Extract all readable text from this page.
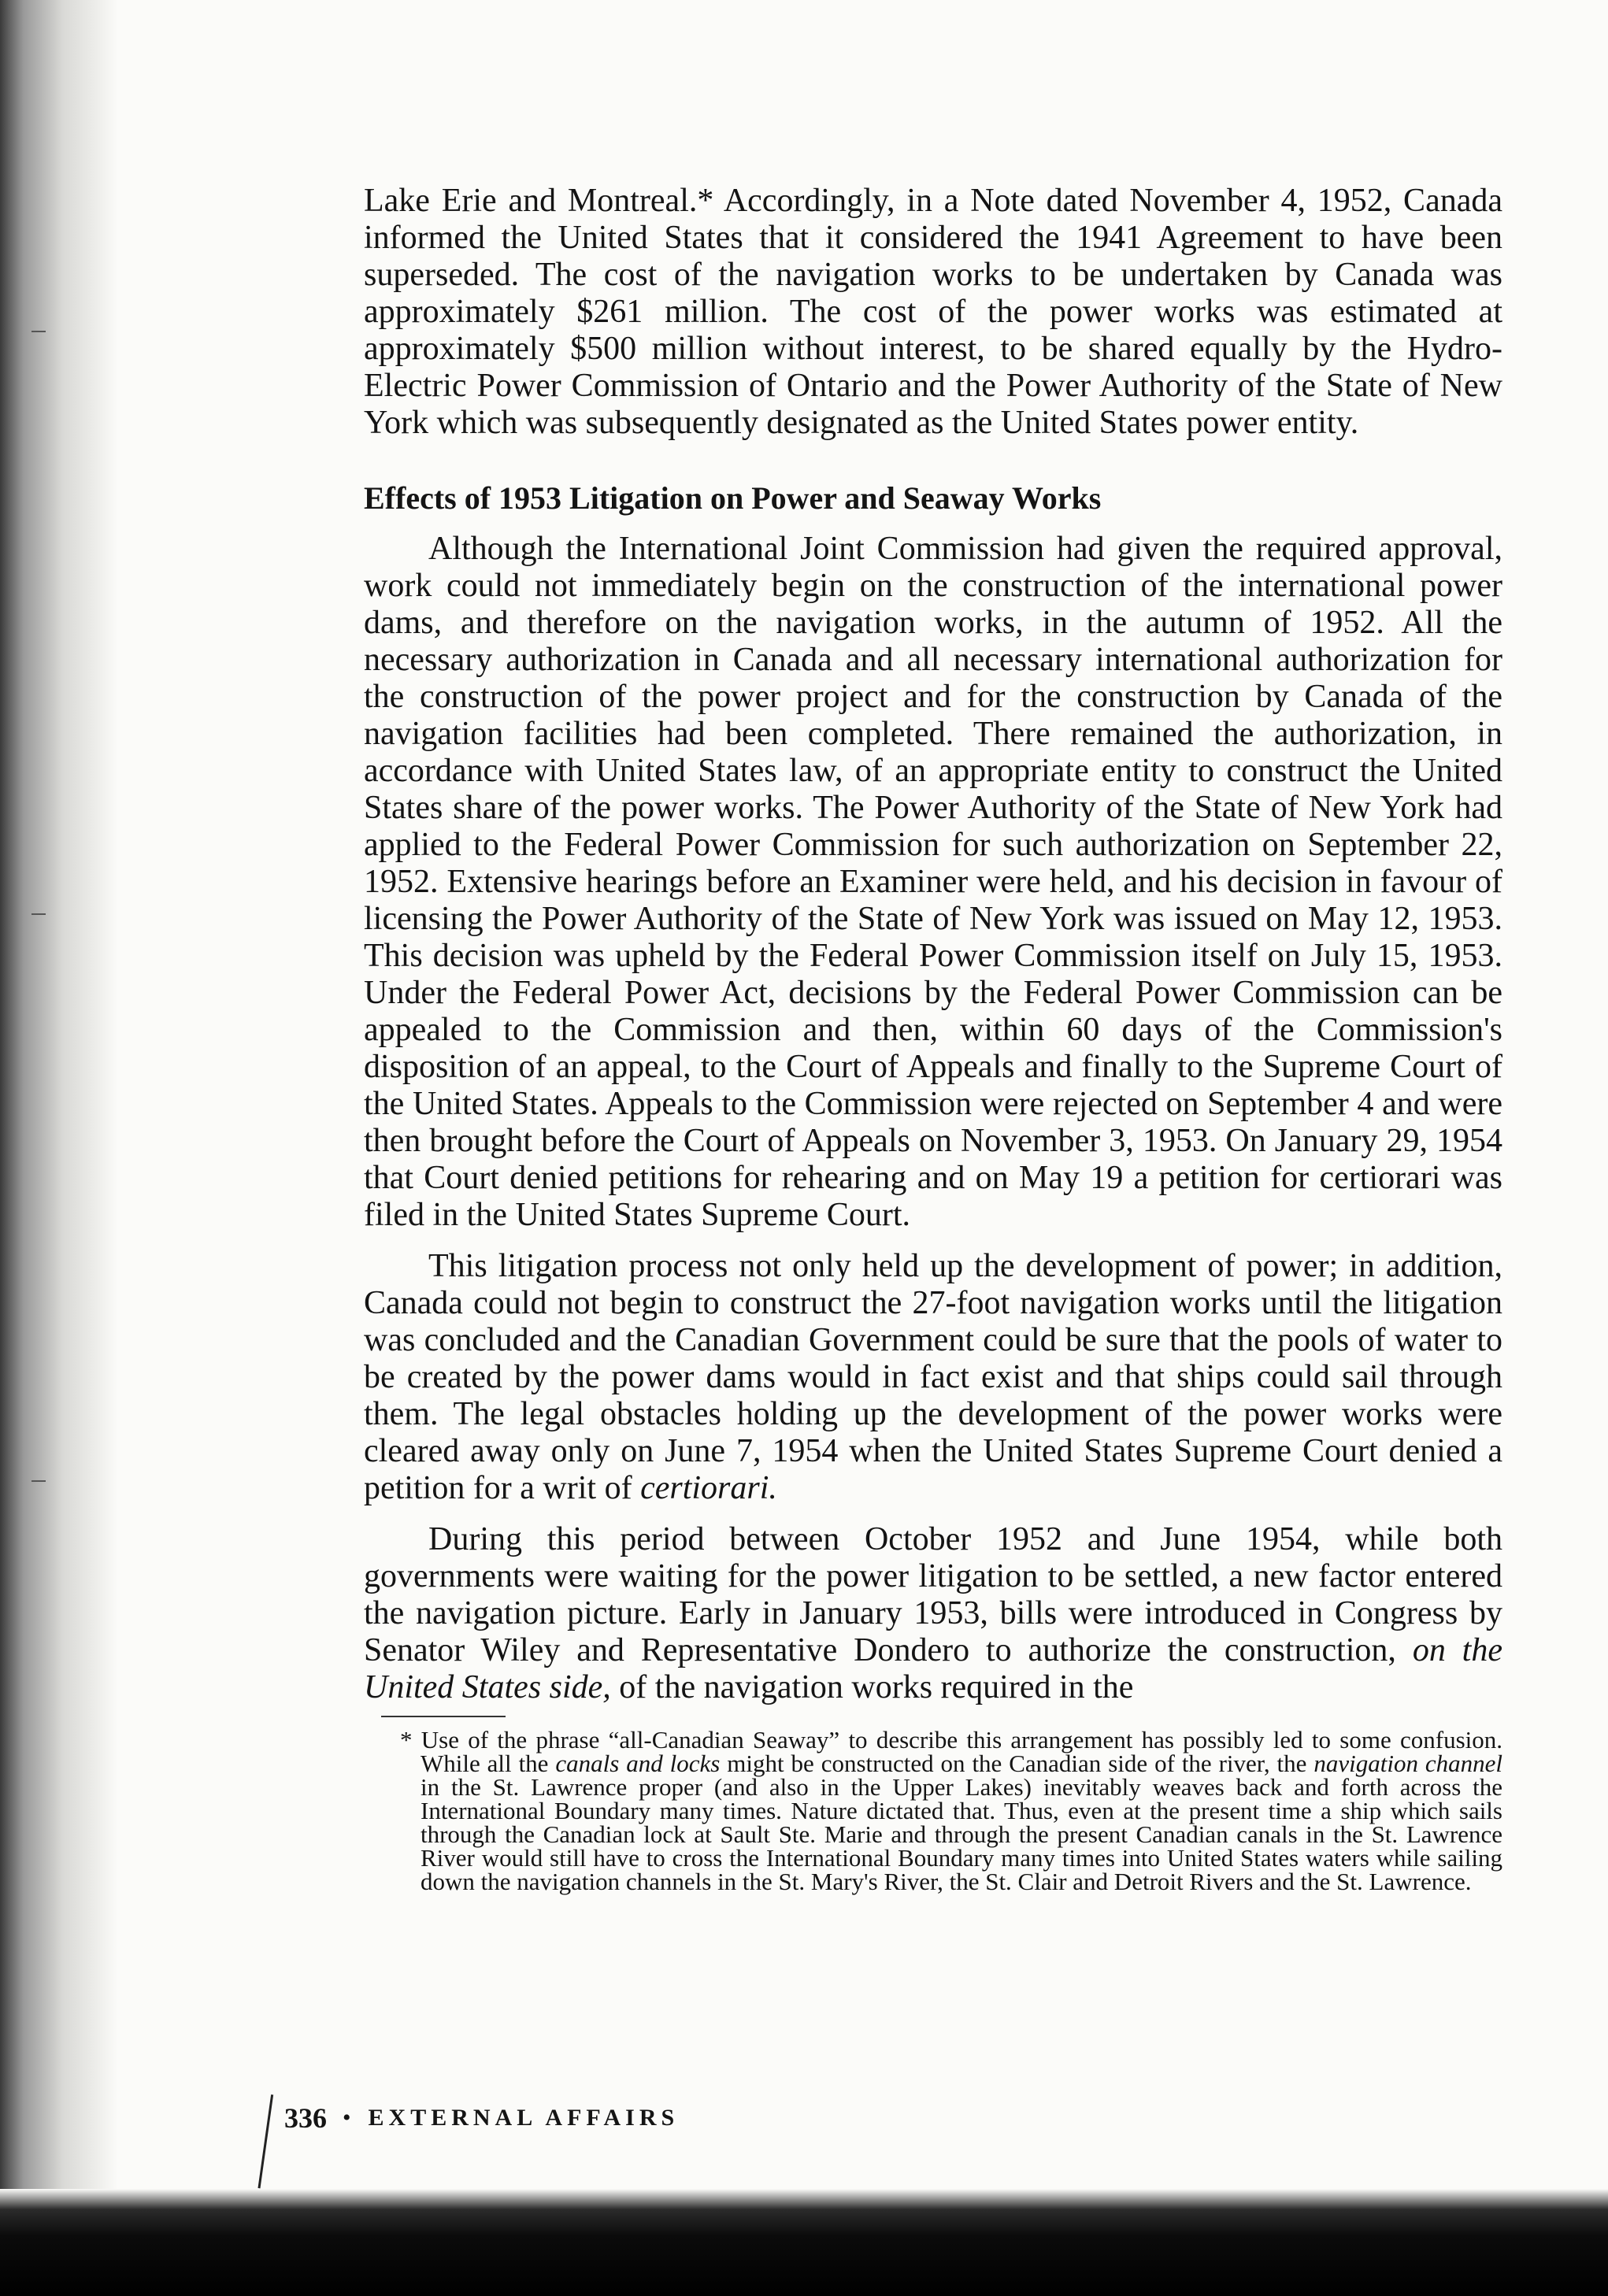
Lake Erie and Montreal.* Accordingly, in a Note dated November 4, 1952, Canada informed the United States that it considered the 1941 Agreement to have been superseded. The cost of the navigation works to be undertaken by Canada was approximately $261 million. The cost of the power works was estimated at approximately $500 million without interest, to be shared equally by the Hydro-Electric Power Commission of Ontario and the Power Authority of the State of New York which was subsequently designated as the United States power entity.

Effects of 1953 Litigation on Power and Seaway Works

Although the International Joint Commission had given the required approval, work could not immediately begin on the construction of the international power dams, and therefore on the navigation works, in the autumn of 1952. All the necessary authorization in Canada and all necessary international authorization for the construction of the power project and for the construction by Canada of the navigation facilities had been completed. There remained the authorization, in accordance with United States law, of an appropriate entity to construct the United States share of the power works. The Power Authority of the State of New York had applied to the Federal Power Commission for such authorization on September 22, 1952. Extensive hearings before an Examiner were held, and his decision in favour of licensing the Power Authority of the State of New York was issued on May 12, 1953. This decision was upheld by the Federal Power Commission itself on July 15, 1953. Under the Federal Power Act, decisions by the Federal Power Commission can be appealed to the Commission and then, within 60 days of the Commission's disposition of an appeal, to the Court of Appeals and finally to the Supreme Court of the United States. Appeals to the Commission were rejected on September 4 and were then brought before the Court of Appeals on November 3, 1953. On January 29, 1954 that Court denied petitions for rehearing and on May 19 a petition for certiorari was filed in the United States Supreme Court.

This litigation process not only held up the development of power; in addition, Canada could not begin to construct the 27-foot navigation works until the litigation was concluded and the Canadian Government could be sure that the pools of water to be created by the power dams would in fact exist and that ships could sail through them. The legal obstacles holding up the development of the power works were cleared away only on June 7, 1954 when the United States Supreme Court denied a petition for a writ of certiorari.

During this period between October 1952 and June 1954, while both governments were waiting for the power litigation to be settled, a new factor entered the navigation picture. Early in January 1953, bills were introduced in Congress by Senator Wiley and Representative Dondero to authorize the construction, on the United States side, of the navigation works required in the

* Use of the phrase “all-Canadian Seaway” to describe this arrangement has possibly led to some confusion. While all the canals and locks might be constructed on the Canadian side of the river, the navigation channel in the St. Lawrence proper (and also in the Upper Lakes) inevitably weaves back and forth across the International Boundary many times. Nature dictated that. Thus, even at the present time a ship which sails through the Canadian lock at Sault Ste. Marie and through the present Canadian canals in the St. Lawrence River would still have to cross the International Boundary many times into United States waters while sailing down the navigation channels in the St. Mary's River, the St. Clair and Detroit Rivers and the St. Lawrence.

336 • EXTERNAL AFFAIRS
